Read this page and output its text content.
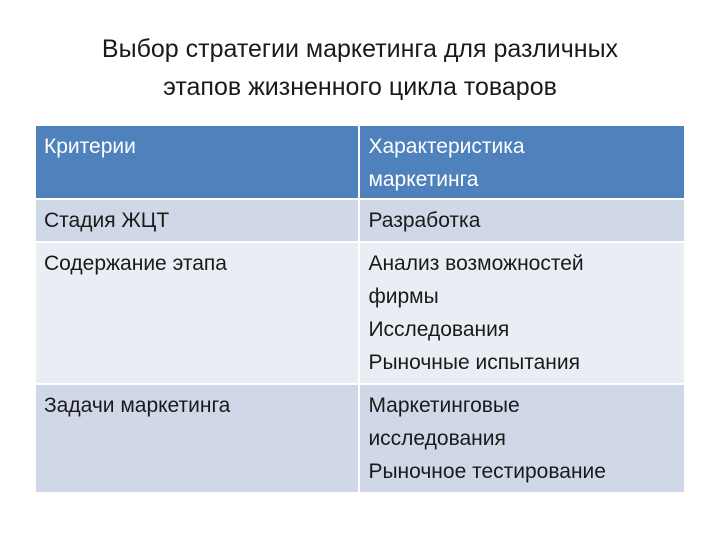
Выбор стратегии маркетинга для различных
этапов жизненного цикла товаров
Критерии	Характеристика
маркетинга

Стадия ЖЦТ	Разработка

Содержание этапа	Анализ возможностей
фирмы
Исследования
Рыночные испытания

Задачи маркетинга	Маркетинговые
исследования
Рыночное тестирование
